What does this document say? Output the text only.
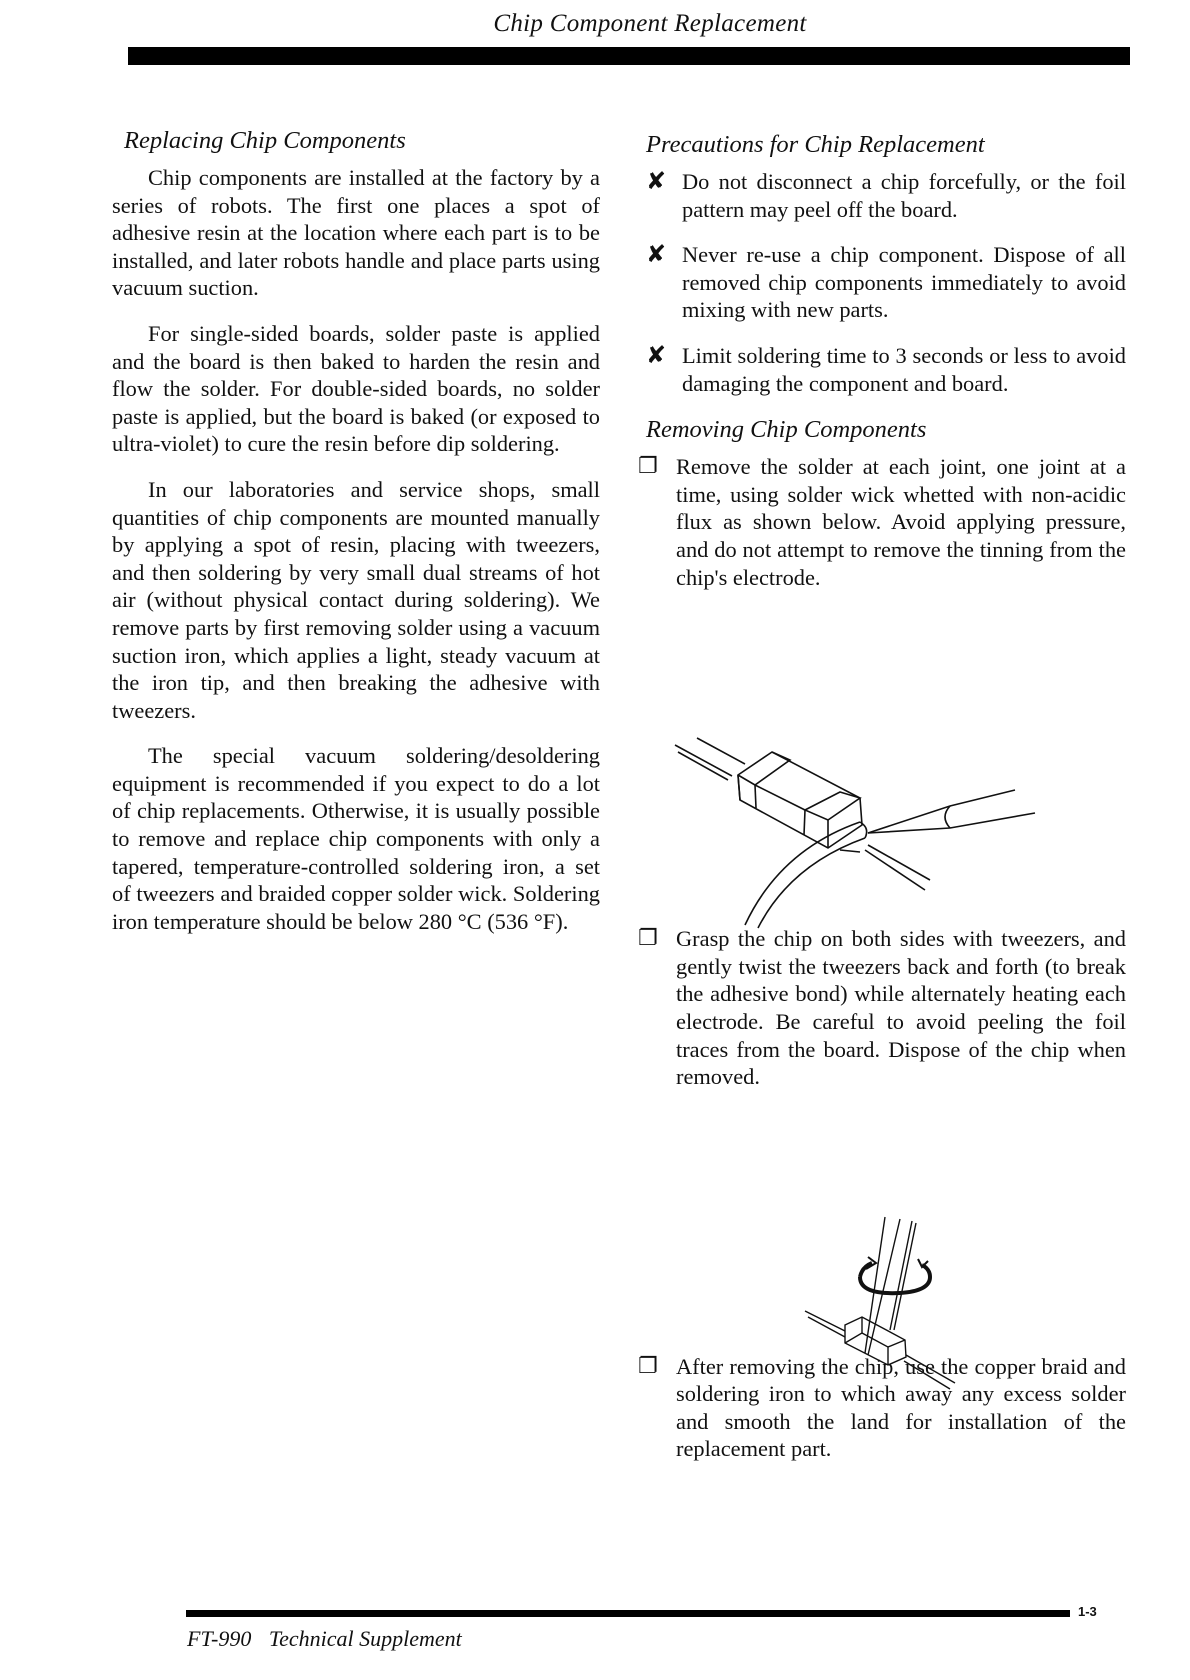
Chip Component Replacement
Replacing Chip Components

Chip components are installed at the factory by a series of robots. The first one places a spot of adhesive resin at the location where each part is to be installed, and later robots handle and place parts using vacuum suction.

For single-sided boards, solder paste is applied and the board is then baked to harden the resin and flow the solder. For double-sided boards, no solder paste is applied, but the board is baked (or exposed to ultra-violet) to cure the resin before dip soldering.

In our laboratories and service shops, small quantities of chip components are mounted manually by applying a spot of resin, placing with tweezers, and then soldering by very small dual streams of hot air (without physical contact during soldering). We remove parts by first removing solder using a vacuum suction iron, which applies a light, steady vacuum at the iron tip, and then breaking the adhesive with tweezers.

The special vacuum soldering/desoldering equipment is recommended if you expect to do a lot of chip replacements. Otherwise, it is usually possible to remove and replace chip components with only a tapered, temperature-controlled soldering iron, a set of tweezers and braided copper solder wick. Soldering iron temperature should be below 280 °C (536 °F).

Precautions for Chip Replacement
✘ Do not disconnect a chip forcefully, or the foil pattern may peel off the board.
✘ Never re-use a chip component. Dispose of all removed chip components immediately to avoid mixing with new parts.
✘ Limit soldering time to 3 seconds or less to avoid damaging the component and board.
Removing Chip Components
❐ Remove the solder at each joint, one joint at a time, using solder wick whetted with non-acidic flux as shown below. Avoid applying pressure, and do not attempt to remove the tinning from the chip's electrode.
❐ Grasp the chip on both sides with tweezers, and gently twist the tweezers back and forth (to break the adhesive bond) while alternately heating each electrode. Be careful to avoid peeling the foil traces from the board. Dispose of the chip when removed.
❐ After removing the chip, use the copper braid and soldering iron to which away any excess solder and smooth the land for installation of the replacement part.
1-3
FT-990 Technical Supplement
